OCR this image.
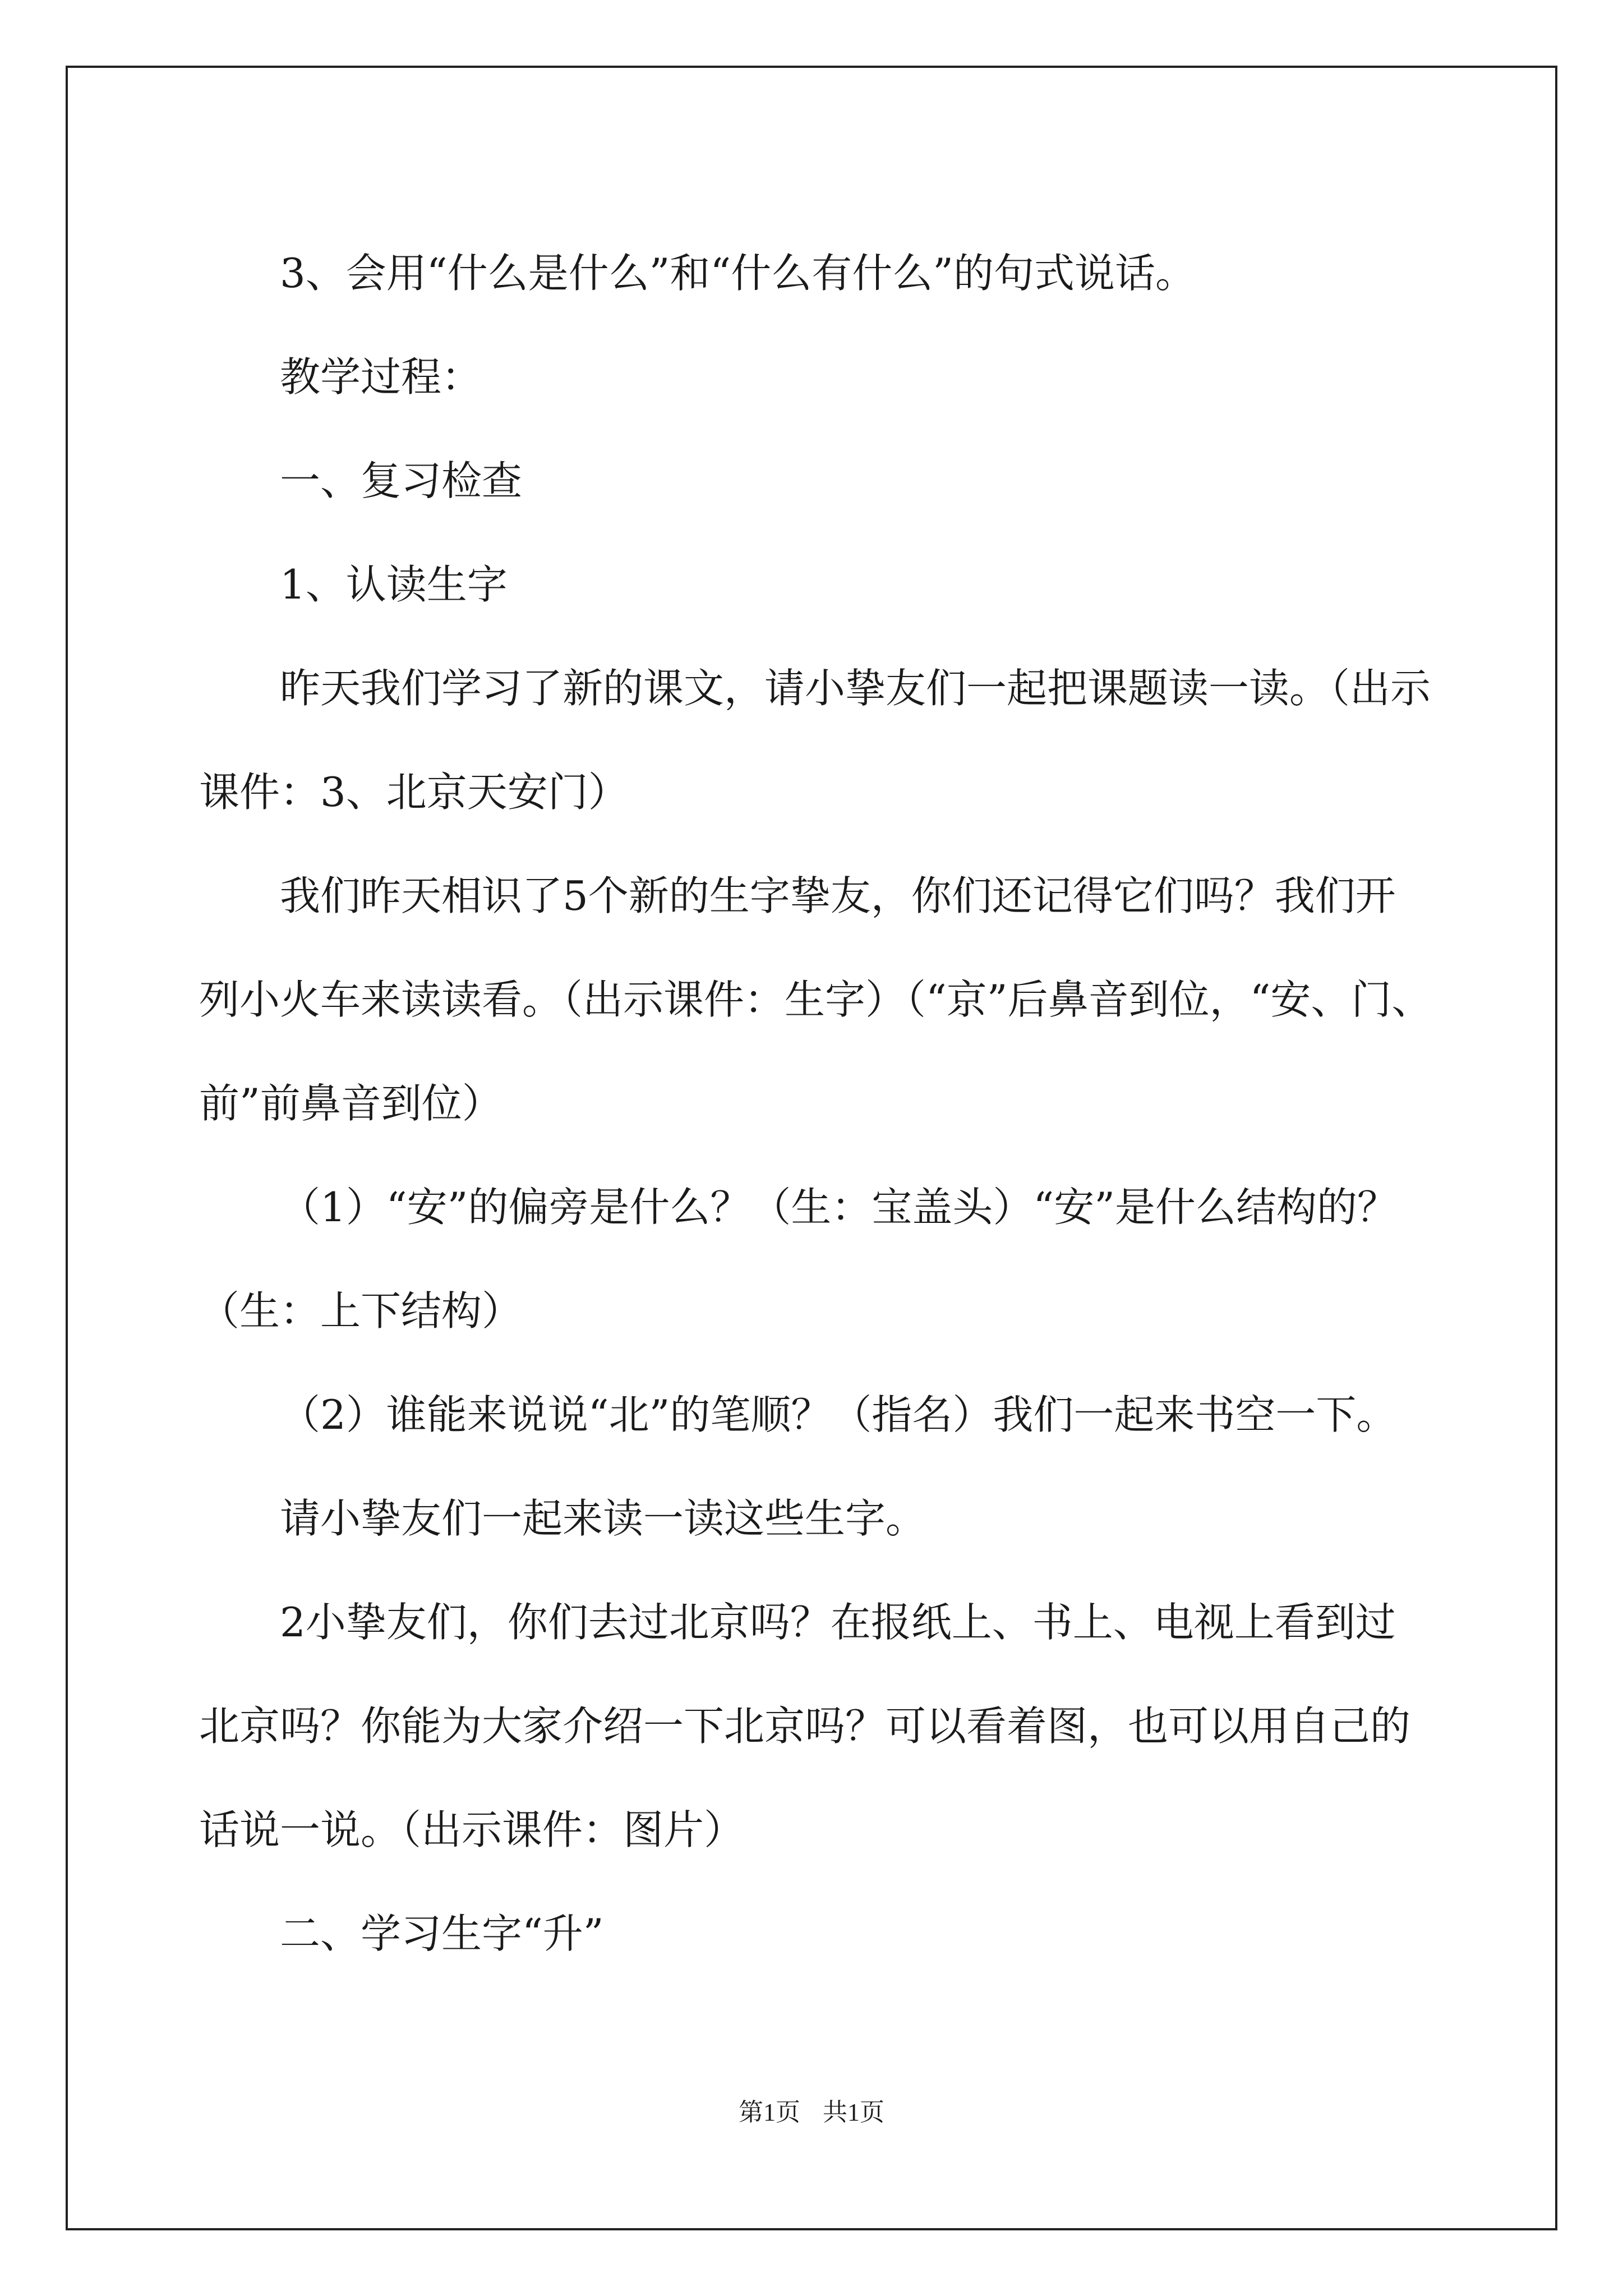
3、会用“什么是什么”和“什么有什么”的句式说话。

教学过程：

一、复习检查

1、认读生字

昨天我们学习了新的课文，请小挚友们一起把课题读一读。（出示课件：3、北京天安门）

我们昨天相识了5个新的生字挚友，你们还记得它们吗？我们开列小火车来读读看。（出示课件：生字）（“京”后鼻音到位，“安、门、前”前鼻音到位）

（1）“安”的偏旁是什么？（生：宝盖头）“安”是什么结构的？（生：上下结构）

（2）谁能来说说“北”的笔顺？（指名）我们一起来书空一下。

请小挚友们一起来读一读这些生字。

2小挚友们，你们去过北京吗？在报纸上、书上、电视上看到过北京吗？你能为大家介绍一下北京吗？可以看着图，也可以用自己的话说一说。（出示课件：图片）

二、学习生字“升”

第1页 共1页
